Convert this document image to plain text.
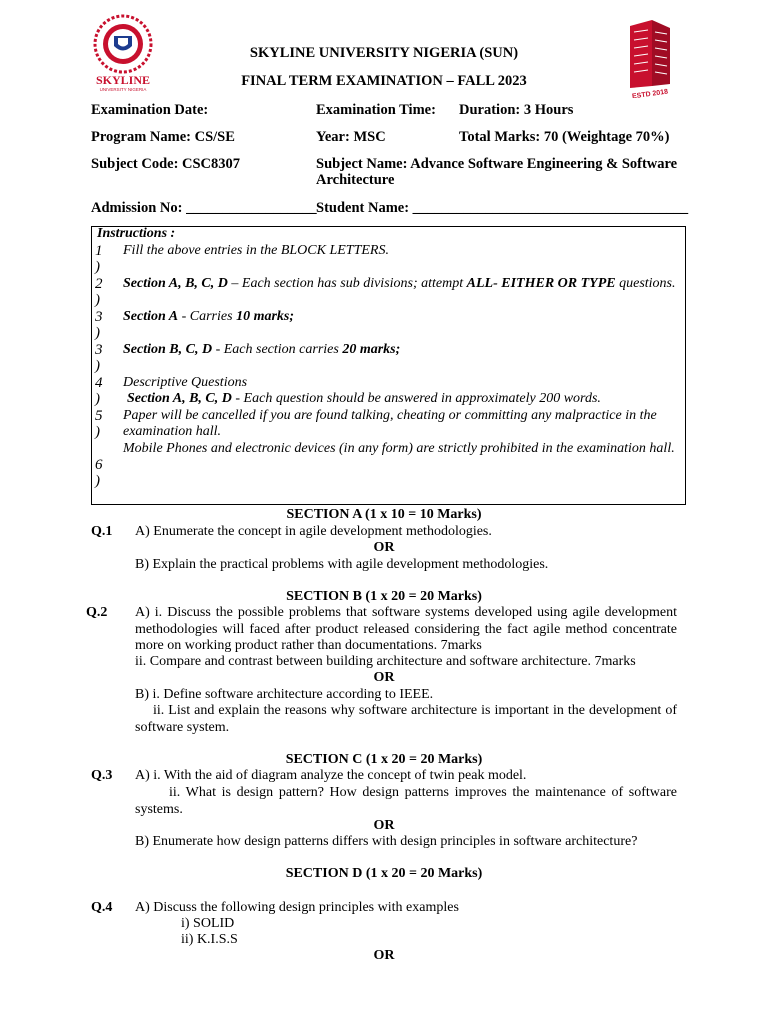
SKYLINE
UNIVERSITY NIGERIA	ESTD 2018
SKYLINE UNIVERSITY NIGERIA (SUN)
FINAL TERM EXAMINATION – FALL 2023
Examination Date:	Examination Time: Duration: 3 Hours
Program Name: CS/SE	Year: MSC	Total Marks: 70 (Weightage 70%)
Subject Code: CSC8307	Subject Name: Advance Software Engineering & Software
Architecture
Admission No: __________________ Student Name: ______________________________________
Instructions :
1
)
2
)
3
)
3
)
4
)
5
)
6
)
Fill the above entries in the BLOCK LETTERS.
Section A, B, C, D – Each section has sub divisions; attempt ALL- EITHER OR TYPE questions.
Section A - Carries 10 marks;
Section B, C, D - Each section carries 20 marks;
Descriptive Questions
Section A, B, C, D - Each question should be answered in approximately 200 words.
Paper will be cancelled if you are found talking, cheating or committing any malpractice in the
examination hall.
Mobile Phones and electronic devices (in any form) are strictly prohibited in the examination hall.
SECTION A (1 x 10 = 10 Marks)
Q.1 A) Enumerate the concept in agile development methodologies.
OR
B) Explain the practical problems with agile development methodologies.
SECTION B (1 x 20 = 20 Marks)
Q.2 A) i. Discuss the possible problems that software systems developed using agile development methodologies will faced after product released considering the fact agile method concentrate more on working product rather than documentations. 7marks
ii. Compare and contrast between building architecture and software architecture. 7marks
OR
B) i. Define software architecture according to IEEE.
ii. List and explain the reasons why software architecture is important in the development of software system.
SECTION C (1 x 20 = 20 Marks)
Q.3 A) i. With the aid of diagram analyze the concept of twin peak model.
ii. What is design pattern? How design patterns improves the maintenance of software systems.
OR
B) Enumerate how design patterns differs with design principles in software architecture?
SECTION D (1 x 20 = 20 Marks)
Q.4 A) Discuss the following design principles with examples
i) SOLID
ii) K.I.S.S
OR
